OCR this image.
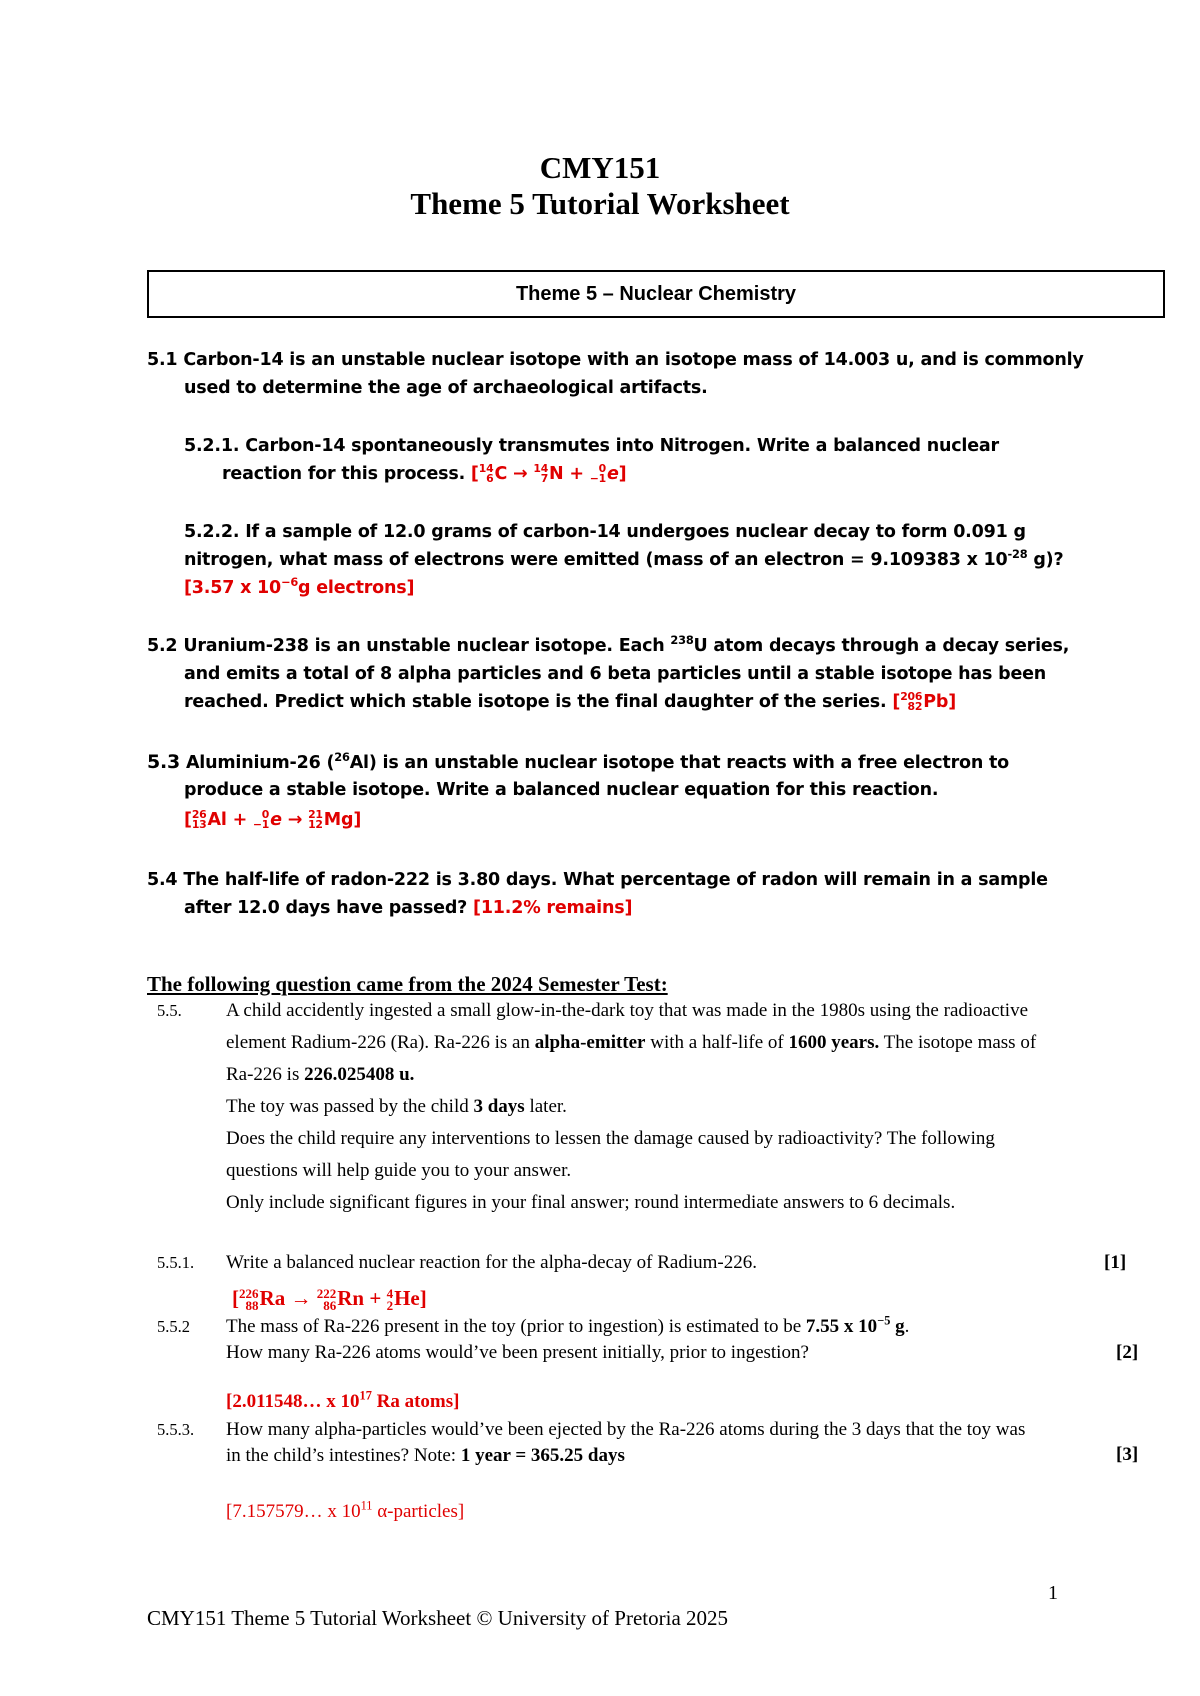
CMY151
Theme 5 Tutorial Worksheet
Theme 5 – Nuclear Chemistry
5.1 Carbon-14 is an unstable nuclear isotope with an isotope mass of 14.003 u, and is commonly
used to determine the age of archaeological artifacts.
5.2.1. Carbon-14 spontaneously transmutes into Nitrogen. Write a balanced nuclear
reaction for this process. [ 14
6 C → 14
7 N + 0
−1 e]
5.2.2. If a sample of 12.0 grams of carbon-14 undergoes nuclear decay to form 0.091 g
nitrogen, what mass of electrons were emitted (mass of an electron = 9.109383 x $10^{-28}$ g)?
[3.57 x $10^{-6}g$ electrons]
5.2 Uranium-238 is an unstable nuclear isotope. Each $^{238}$U atom decays through a decay series,
and emits a total of 8 alpha particles and 6 beta particles until a stable isotope has been
reached. Predict which stable isotope is the final daughter of the series. [ 206
82 Pb]
5.3 Aluminium-26 ($^{26}$Al) is an unstable nuclear isotope that reacts with a free electron to
produce a stable isotope. Write a balanced nuclear equation for this reaction.
[ 26
13 Al + 0
−1 e → 21
12 Mg]
5.4 The half-life of radon-222 is 3.80 days. What percentage of radon will remain in a sample
after 12.0 days have passed? [11.2% remains]
The following question came from the 2024 Semester Test:
5.5. A child accidently ingested a small glow-in-the-dark toy that was made in the 1980s using the radioactive
element Radium-226 (Ra). Ra-226 is an alpha-emitter with a half-life of 1600 years. The isotope mass of
Ra-226 is 226.025408 u.
The toy was passed by the child 3 days later.
Does the child require any interventions to lessen the damage caused by radioactivity? The following
questions will help guide you to your answer.
Only include significant figures in your final answer; round intermediate answers to 6 decimals.
5.5.1. Write a balanced nuclear reaction for the alpha-decay of Radium-226.	[1]
[ 226
88 Ra → 222
86 Rn + 4
2 He]
5.5.2 The mass of Ra-226 present in the toy (prior to ingestion) is estimated to be 7.55 x $10^{-5}$ g.
How many Ra-226 atoms would’ve been present initially, prior to ingestion?	[2]
[2.011548… x $10^{17}$ Ra atoms]
5.5.3. How many alpha-particles would’ve been ejected by the Ra-226 atoms during the 3 days that the toy was
in the child’s intestines? Note: 1 year = 365.25 days	[3]
[7.157579… x $10^{11}$ α-particles]
1
CMY151 Theme 5 Tutorial Worksheet © University of Pretoria 2025
